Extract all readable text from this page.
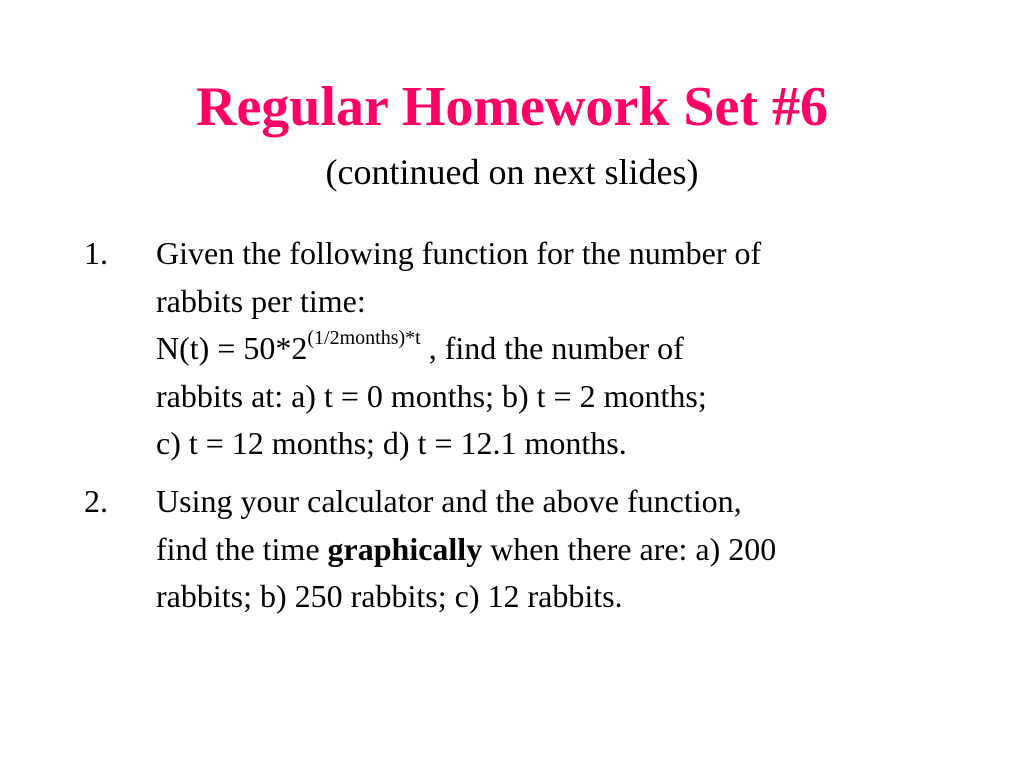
Regular Homework Set #6
(continued on next slides)
1.	Given the following function for the number of
rabbits per time:
$N(t) = 50*2^{(1/2months)*t}$ , find the number of
rabbits at: a) t = 0 months; b) t = 2 months;
c) t = 12 months; d) t = 12.1 months.
2.	Using your calculator and the above function,
find the time graphically when there are: a) 200
rabbits; b) 250 rabbits; c) 12 rabbits.
